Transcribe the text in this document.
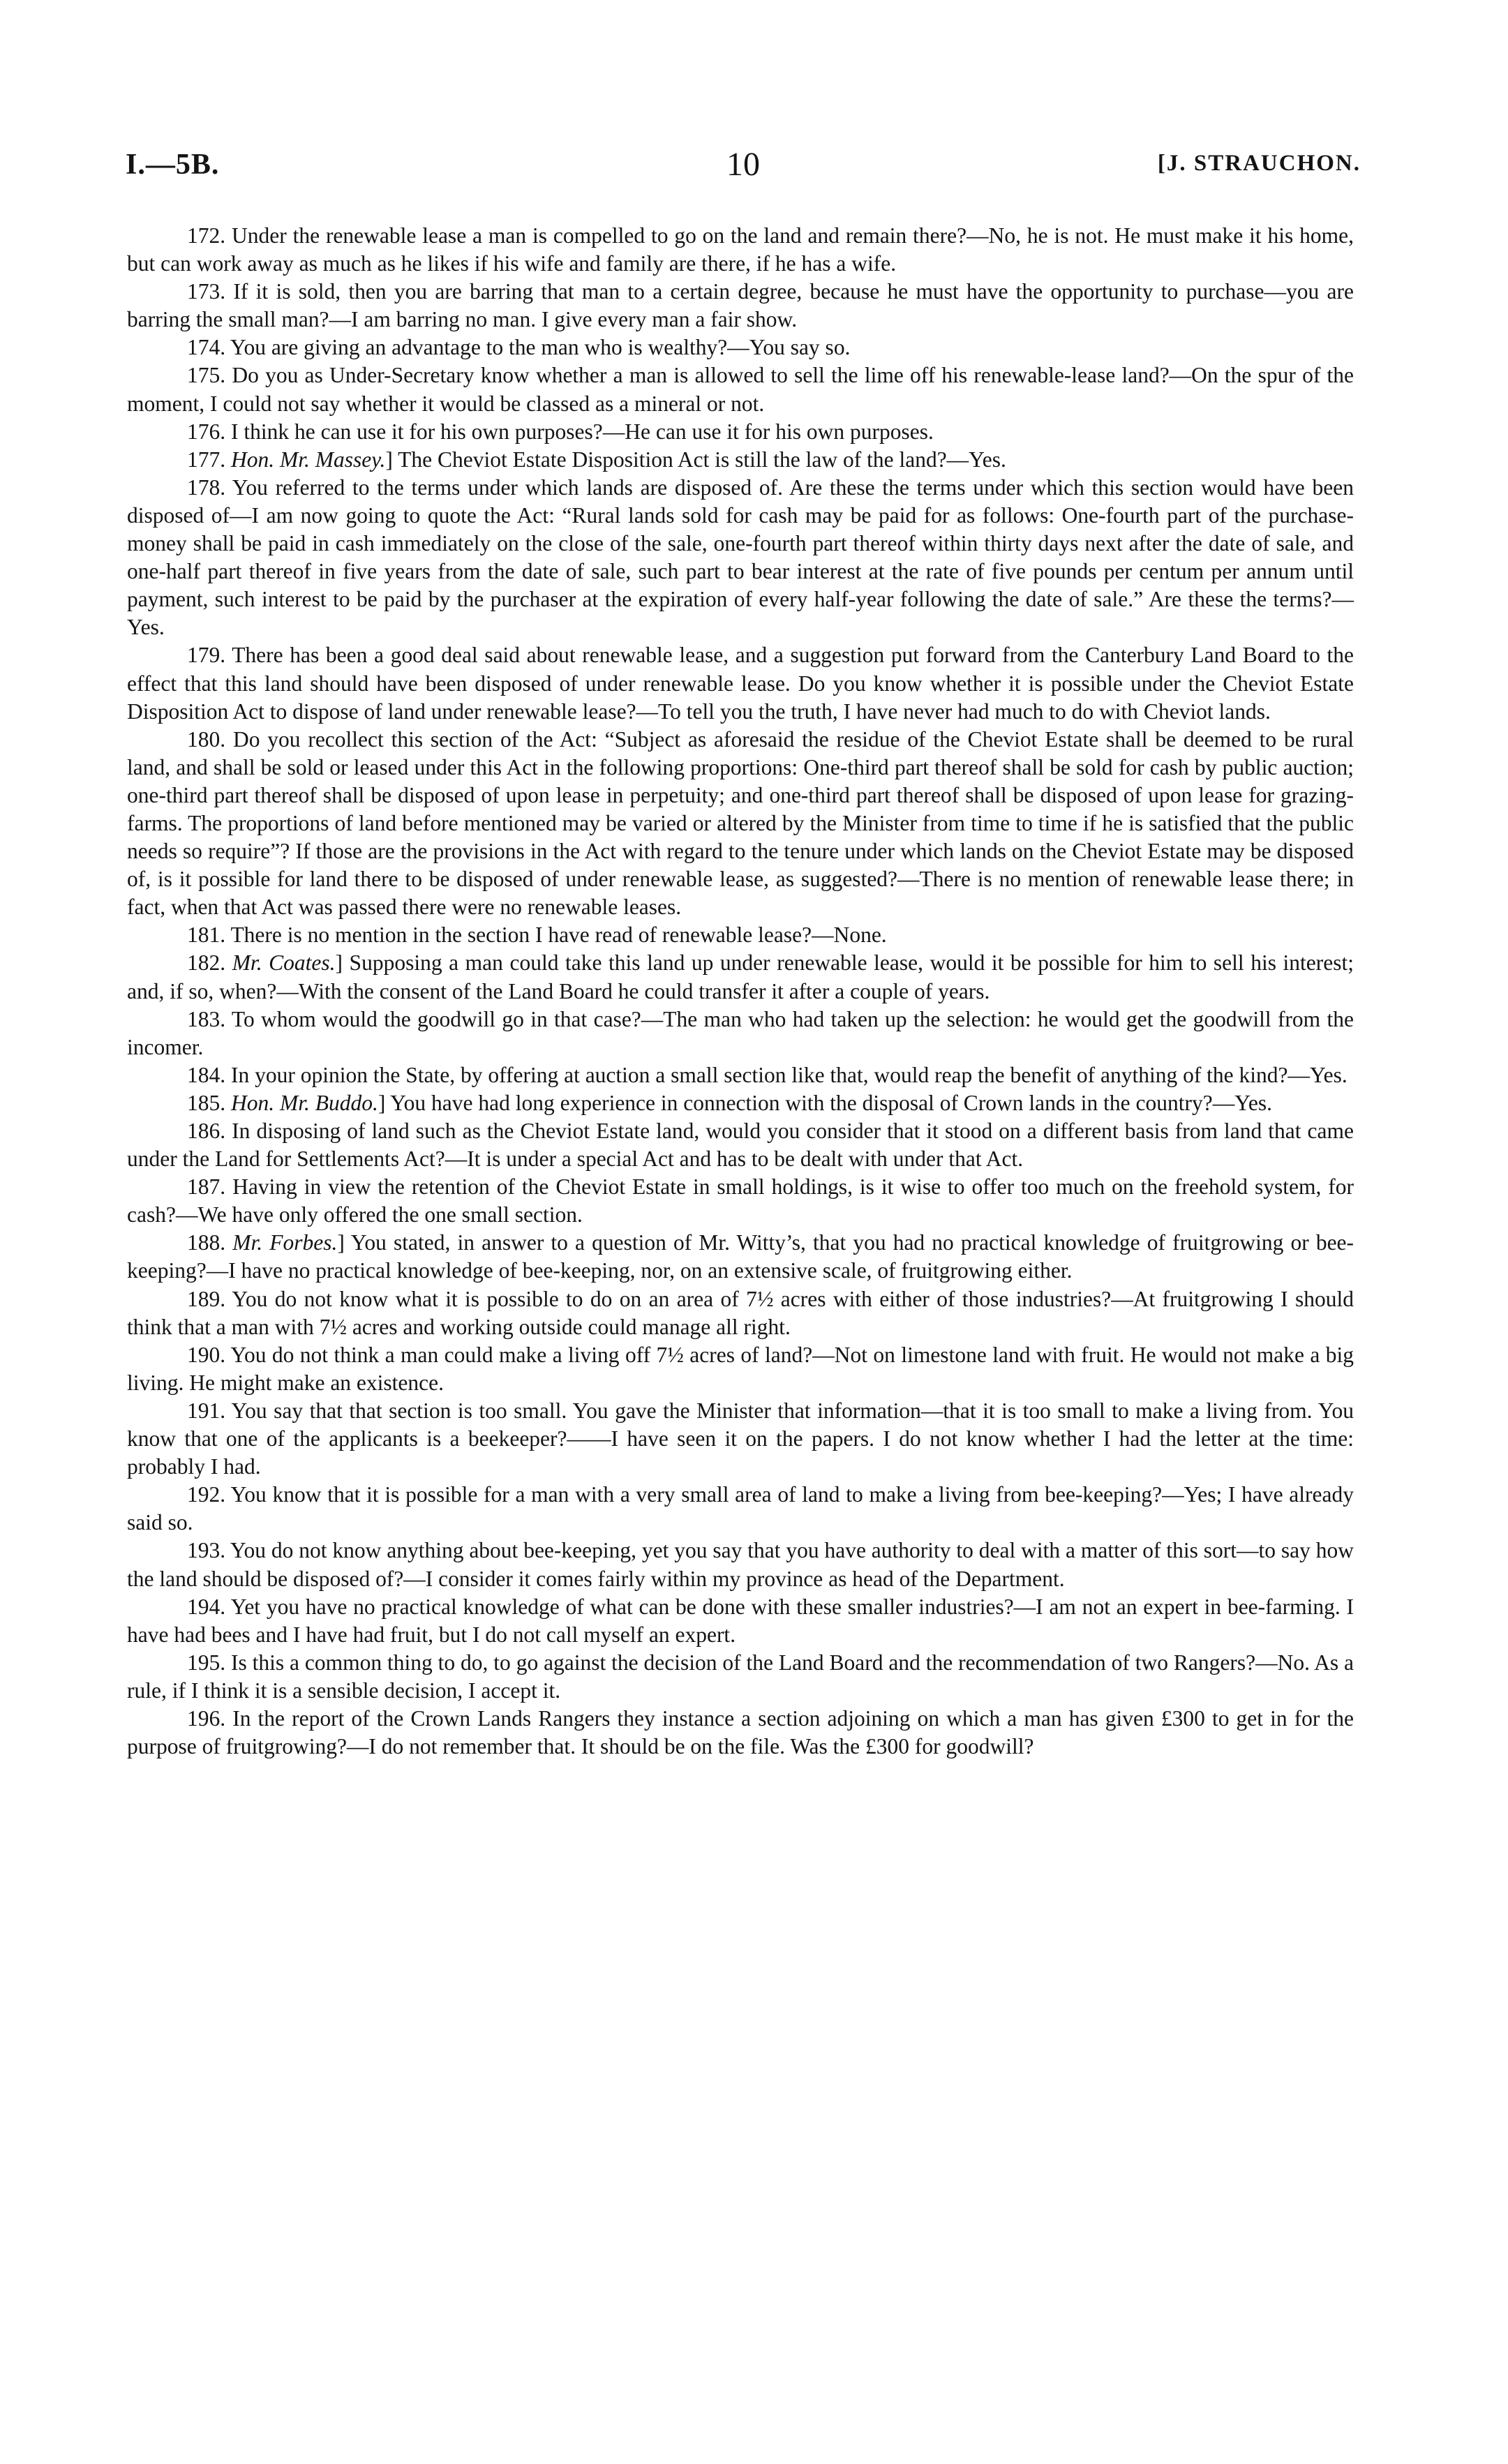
I.—5B.	10	[J. STRAUCHON.

172. Under the renewable lease a man is compelled to go on the land and remain there?—No, he is not. He must make it his home, but can work away as much as he likes if his wife and family are there, if he has a wife.

173. If it is sold, then you are barring that man to a certain degree, because he must have the opportunity to purchase—you are barring the small man?—I am barring no man. I give every man a fair show.

174. You are giving an advantage to the man who is wealthy?—You say so.

175. Do you as Under-Secretary know whether a man is allowed to sell the lime off his renewable-lease land?—On the spur of the moment, I could not say whether it would be classed as a mineral or not.

176. I think he can use it for his own purposes?—He can use it for his own purposes.

177. Hon. Mr. Massey.] The Cheviot Estate Disposition Act is still the law of the land?—Yes.

178. You referred to the terms under which lands are disposed of. Are these the terms under which this section would have been disposed of—I am now going to quote the Act: “Rural lands sold for cash may be paid for as follows: One-fourth part of the purchase-money shall be paid in cash immediately on the close of the sale, one-fourth part thereof within thirty days next after the date of sale, and one-half part thereof in five years from the date of sale, such part to bear interest at the rate of five pounds per centum per annum until payment, such interest to be paid by the purchaser at the expiration of every half-year following the date of sale.” Are these the terms?—Yes.

179. There has been a good deal said about renewable lease, and a suggestion put forward from the Canterbury Land Board to the effect that this land should have been disposed of under renewable lease. Do you know whether it is possible under the Cheviot Estate Disposition Act to dispose of land under renewable lease?—To tell you the truth, I have never had much to do with Cheviot lands.

180. Do you recollect this section of the Act: “Subject as aforesaid the residue of the Cheviot Estate shall be deemed to be rural land, and shall be sold or leased under this Act in the following proportions: One-third part thereof shall be sold for cash by public auction; one-third part thereof shall be disposed of upon lease in perpetuity; and one-third part thereof shall be disposed of upon lease for grazing-farms. The proportions of land before mentioned may be varied or altered by the Minister from time to time if he is satisfied that the public needs so require”? If those are the provisions in the Act with regard to the tenure under which lands on the Cheviot Estate may be disposed of, is it possible for land there to be disposed of under renewable lease, as suggested?—There is no mention of renewable lease there; in fact, when that Act was passed there were no renewable leases.

181. There is no mention in the section I have read of renewable lease?—None.

182. Mr. Coates.] Supposing a man could take this land up under renewable lease, would it be possible for him to sell his interest; and, if so, when?—With the consent of the Land Board he could transfer it after a couple of years.

183. To whom would the goodwill go in that case?—The man who had taken up the selection: he would get the goodwill from the incomer.

184. In your opinion the State, by offering at auction a small section like that, would reap the benefit of anything of the kind?—Yes.

185. Hon. Mr. Buddo.] You have had long experience in connection with the disposal of Crown lands in the country?—Yes.

186. In disposing of land such as the Cheviot Estate land, would you consider that it stood on a different basis from land that came under the Land for Settlements Act?—It is under a special Act and has to be dealt with under that Act.

187. Having in view the retention of the Cheviot Estate in small holdings, is it wise to offer too much on the freehold system, for cash?—We have only offered the one small section.

188. Mr. Forbes.] You stated, in answer to a question of Mr. Witty’s, that you had no practical knowledge of fruitgrowing or bee-keeping?—I have no practical knowledge of bee-keeping, nor, on an extensive scale, of fruitgrowing either.

189. You do not know what it is possible to do on an area of 7½ acres with either of those industries?—At fruitgrowing I should think that a man with 7½ acres and working outside could manage all right.

190. You do not think a man could make a living off 7½ acres of land?—Not on limestone land with fruit. He would not make a big living. He might make an existence.

191. You say that that section is too small. You gave the Minister that information—that it is too small to make a living from. You know that one of the applicants is a beekeeper?——I have seen it on the papers. I do not know whether I had the letter at the time: probably I had.

192. You know that it is possible for a man with a very small area of land to make a living from bee-keeping?—Yes; I have already said so.

193. You do not know anything about bee-keeping, yet you say that you have authority to deal with a matter of this sort—to say how the land should be disposed of?—I consider it comes fairly within my province as head of the Department.

194. Yet you have no practical knowledge of what can be done with these smaller industries?—I am not an expert in bee-farming. I have had bees and I have had fruit, but I do not call myself an expert.

195. Is this a common thing to do, to go against the decision of the Land Board and the recommendation of two Rangers?—No. As a rule, if I think it is a sensible decision, I accept it.

196. In the report of the Crown Lands Rangers they instance a section adjoining on which a man has given £300 to get in for the purpose of fruitgrowing?—I do not remember that. It should be on the file. Was the £300 for goodwill?
